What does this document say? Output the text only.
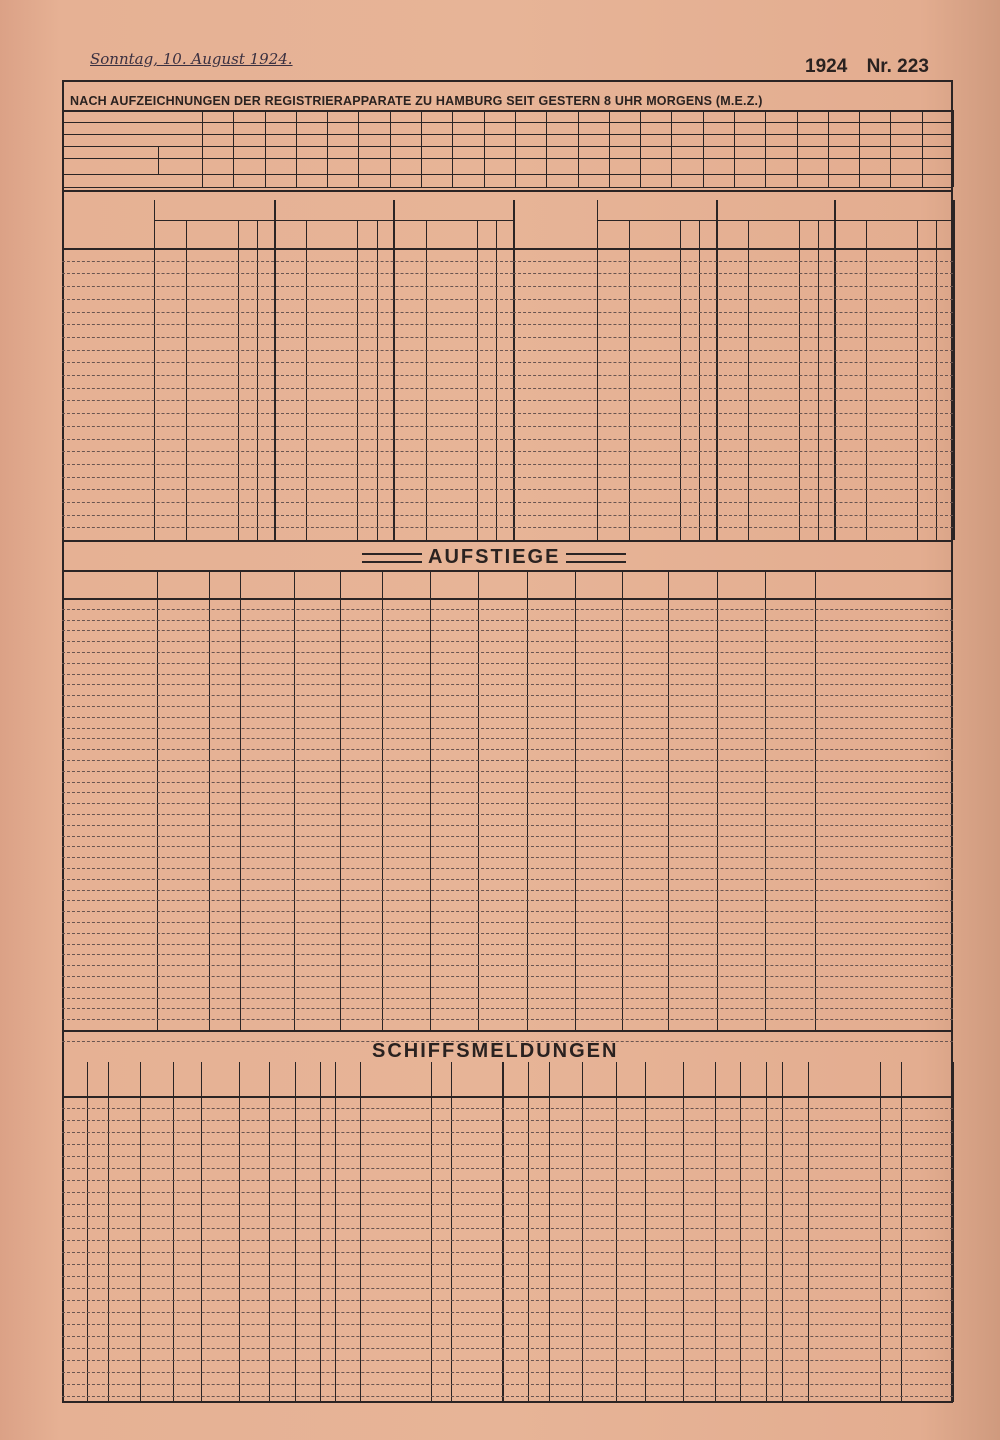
Sonntag, 10. August 1924.	1924 Nr. 223
NACH AUFZEICHNUNGEN DER REGISTRIERAPPARATE ZU HAMBURG SEIT GESTERN 8 UHR MORGENS (M.E.Z.)
AUFSTIEGE
SCHIFFSMELDUNGEN
